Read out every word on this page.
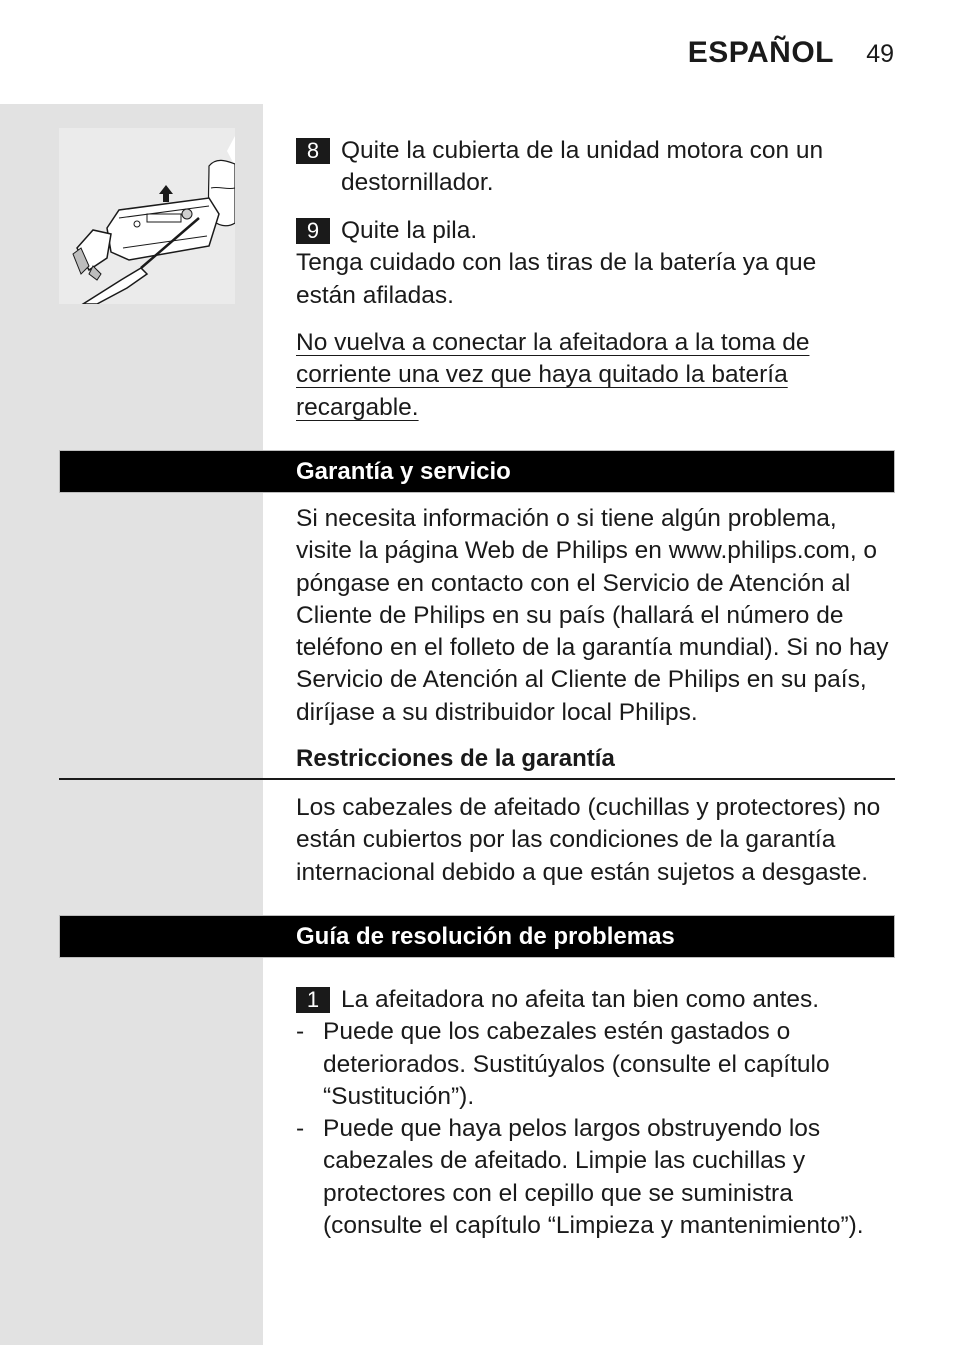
ESPAÑOL 49
8 Quite la cubierta de la unidad motora con un destornillador.
9 Quite la pila.
Tenga cuidado con las tiras de la batería ya que están afiladas.
No vuelva a conectar la afeitadora a la toma de
corriente una vez que haya quitado la batería
recargable.
Garantía y servicio
Si necesita información o si tiene algún problema, visite la página Web de Philips en www.philips.com, o póngase en contacto con el Servicio de Atención al Cliente de Philips en su país (hallará el número de teléfono en el folleto de la garantía mundial). Si no hay Servicio de Atención al Cliente de Philips en su país, diríjase a su distribuidor local Philips.
Restricciones de la garantía
Los cabezales de afeitado (cuchillas y protectores) no están cubiertos por las condiciones de la garantía internacional debido a que están sujetos a desgaste.
Guía de resolución de problemas
1 La afeitadora no afeita tan bien como antes.
- Puede que los cabezales estén gastados o deteriorados. Sustitúyalos (consulte el capítulo “Sustitución”).
- Puede que haya pelos largos obstruyendo los cabezales de afeitado. Limpie las cuchillas y protectores con el cepillo que se suministra (consulte el capítulo “Limpieza y mantenimiento”).
